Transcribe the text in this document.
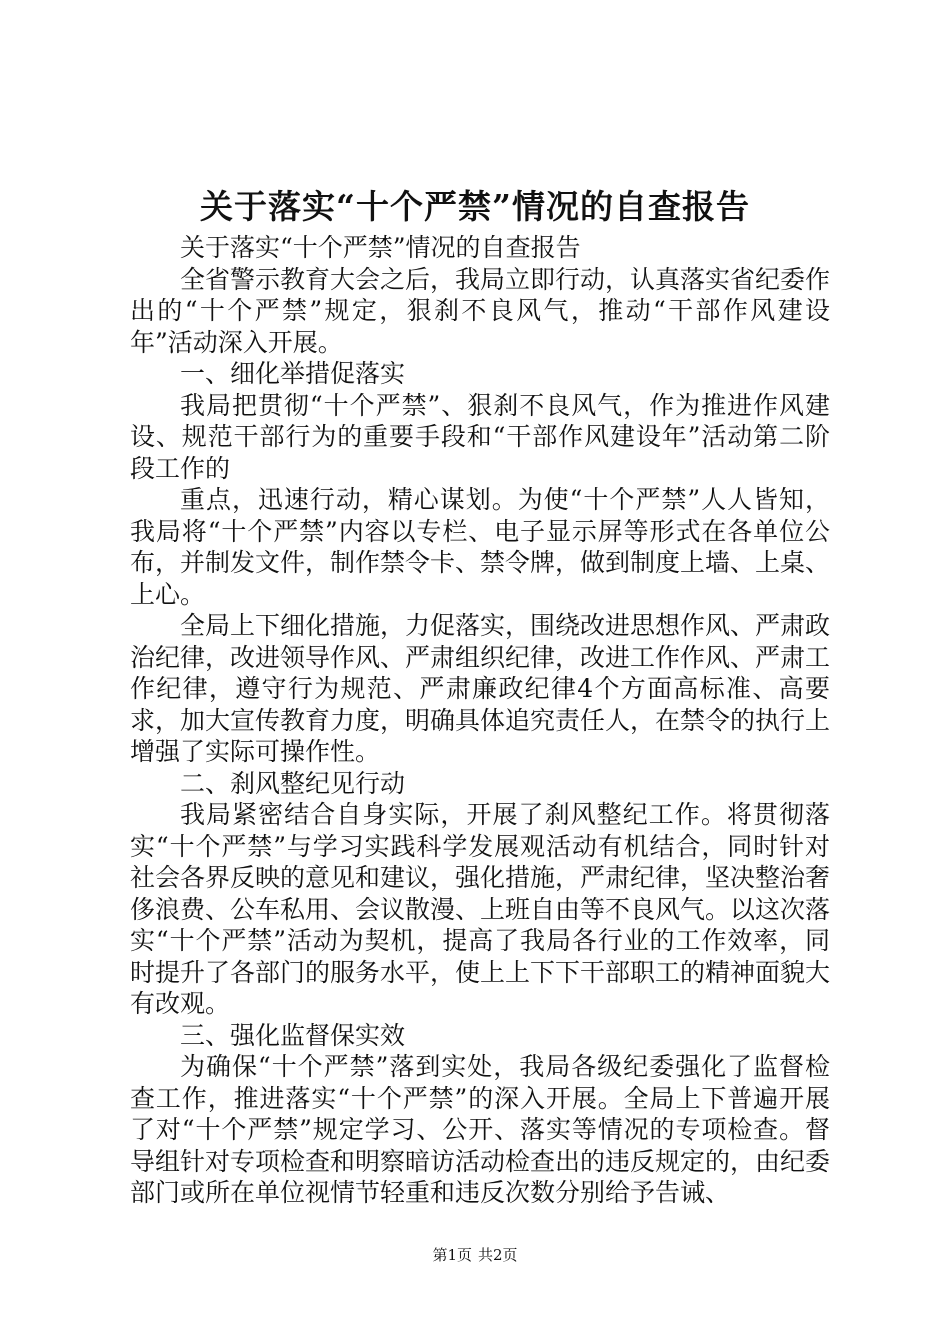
关于落实“十个严禁”情况的自查报告

关于落实“十个严禁”情况的自查报告

全省警示教育大会之后，我局立即行动，认真落实省纪委作出的“十个严禁”规定，狠刹不良风气，推动“干部作风建设年”活动深入开展。

一、细化举措促落实

我局把贯彻“十个严禁”、狠刹不良风气，作为推进作风建设、规范干部行为的重要手段和“干部作风建设年”活动第二阶段工作的

重点，迅速行动，精心谋划。为使“十个严禁”人人皆知，我局将“十个严禁”内容以专栏、电子显示屏等形式在各单位公布，并制发文件，制作禁令卡、禁令牌，做到制度上墙、上桌、上心。

全局上下细化措施，力促落实，围绕改进思想作风、严肃政治纪律，改进领导作风、严肃组织纪律，改进工作作风、严肃工作纪律，遵守行为规范、严肃廉政纪律4个方面高标准、高要求，加大宣传教育力度，明确具体追究责任人，在禁令的执行上增强了实际可操作性。

二、刹风整纪见行动

我局紧密结合自身实际，开展了刹风整纪工作。将贯彻落实“十个严禁”与学习实践科学发展观活动有机结合，同时针对社会各界反映的意见和建议，强化措施，严肃纪律，坚决整治奢侈浪费、公车私用、会议散漫、上班自由等不良风气。以这次落实“十个严禁”活动为契机，提高了我局各行业的工作效率，同时提升了各部门的服务水平，使上上下下干部职工的精神面貌大有改观。

三、强化监督保实效

为确保“十个严禁”落到实处，我局各级纪委强化了监督检查工作，推进落实“十个严禁”的深入开展。全局上下普遍开展了对“十个严禁”规定学习、公开、落实等情况的专项检查。督导组针对专项检查和明察暗访活动检查出的违反规定的，由纪委部门或所在单位视情节轻重和违反次数分别给予告诫、

第1页 共2页
